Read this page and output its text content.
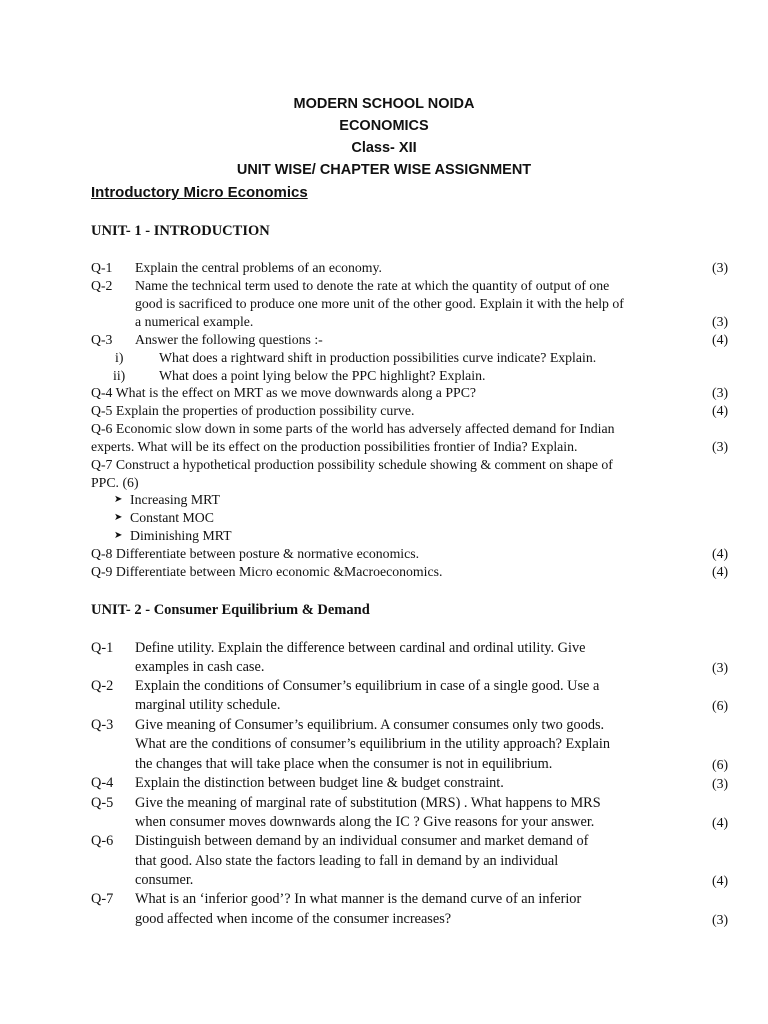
MODERN SCHOOL NOIDA
ECONOMICS
Class- XII
UNIT WISE/ CHAPTER WISE ASSIGNMENT
Introductory Micro Economics
UNIT- 1 - INTRODUCTION
Q-1 Explain the central problems of an economy.	(3)
Q-2 Name the technical term used to denote the rate at which the quantity of output of one
good is sacrificed to produce one more unit of the other good. Explain it with the help of
a numerical example.	(3)
Q-3 Answer the following questions :-	(4)
i)	What does a rightward shift in production possibilities curve indicate? Explain.
ii) What does a point lying below the PPC highlight? Explain.
Q-4 What is the effect on MRT as we move downwards along a PPC?	(3)
Q-5 Explain the properties of production possibility curve.	(4)
Q-6 Economic slow down in some parts of the world has adversely affected demand for Indian
experts. What will be its effect on the production possibilities frontier of India? Explain.	(3)
Q-7 Construct a hypothetical production possibility schedule showing & comment on shape of
PPC. (6)
➤ Increasing MRT
➤ Constant MOC
➤ Diminishing MRT
Q-8 Differentiate between posture & normative economics.	(4)
Q-9 Differentiate between Micro economic &Macroeconomics.	(4)
UNIT- 2 - Consumer Equilibrium & Demand
Q-1 Define utility. Explain the difference between cardinal and ordinal utility. Give
examples in cash case.	(3)
Q-2 Explain the conditions of Consumer’s equilibrium in case of a single good. Use a
marginal utility schedule.	(6)
Q-3 Give meaning of Consumer’s equilibrium. A consumer consumes only two goods.
What are the conditions of consumer’s equilibrium in the utility approach? Explain
the changes that will take place when the consumer is not in equilibrium.	(6)
Q-4 Explain the distinction between budget line & budget constraint.	(3)
Q-5 Give the meaning of marginal rate of substitution (MRS) . What happens to MRS
when consumer moves downwards along the IC ? Give reasons for your answer.	(4)
Q-6 Distinguish between demand by an individual consumer and market demand of
that good. Also state the factors leading to fall in demand by an individual
consumer.	(4)
Q-7 What is an ‘inferior good’? In what manner is the demand curve of an inferior
good affected when income of the consumer increases?	(3)
